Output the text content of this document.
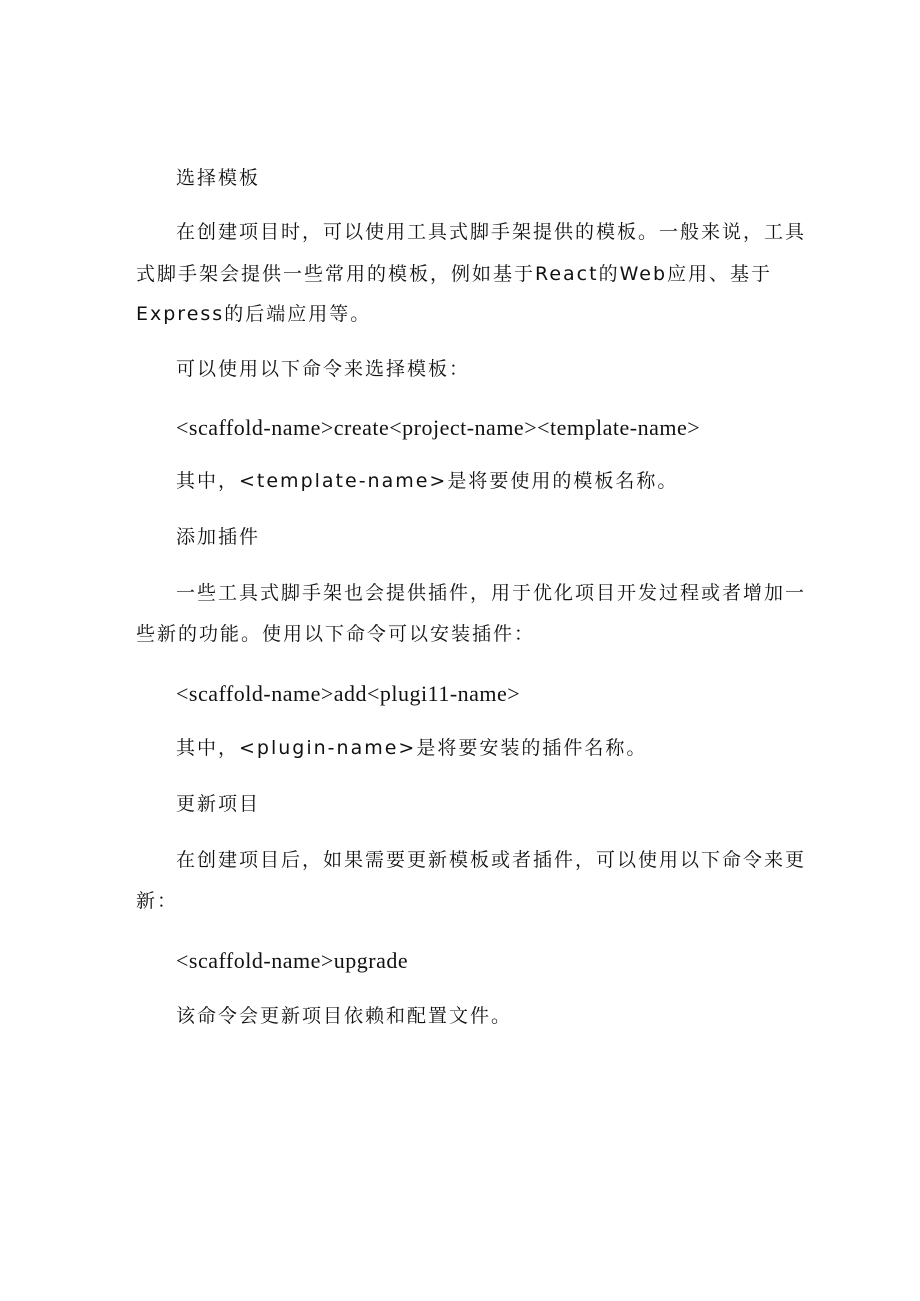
选择模板
在创建项目时，可以使用工具式脚手架提供的模板。一般来说，工具
式脚手架会提供一些常用的模板，例如基于React的Web应用、基于
Express的后端应用等。
可以使用以下命令来选择模板：
<scaffold-name>create<project-name><template-name>
其中，<template-name>是将要使用的模板名称。
添加插件
一些工具式脚手架也会提供插件，用于优化项目开发过程或者增加一
些新的功能。使用以下命令可以安装插件：
<scaffold-name>add<plugi11-name>
其中，<plugin-name>是将要安装的插件名称。
更新项目
在创建项目后，如果需要更新模板或者插件，可以使用以下命令来更
新：
<scaffold-name>upgrade
该命令会更新项目依赖和配置文件。
